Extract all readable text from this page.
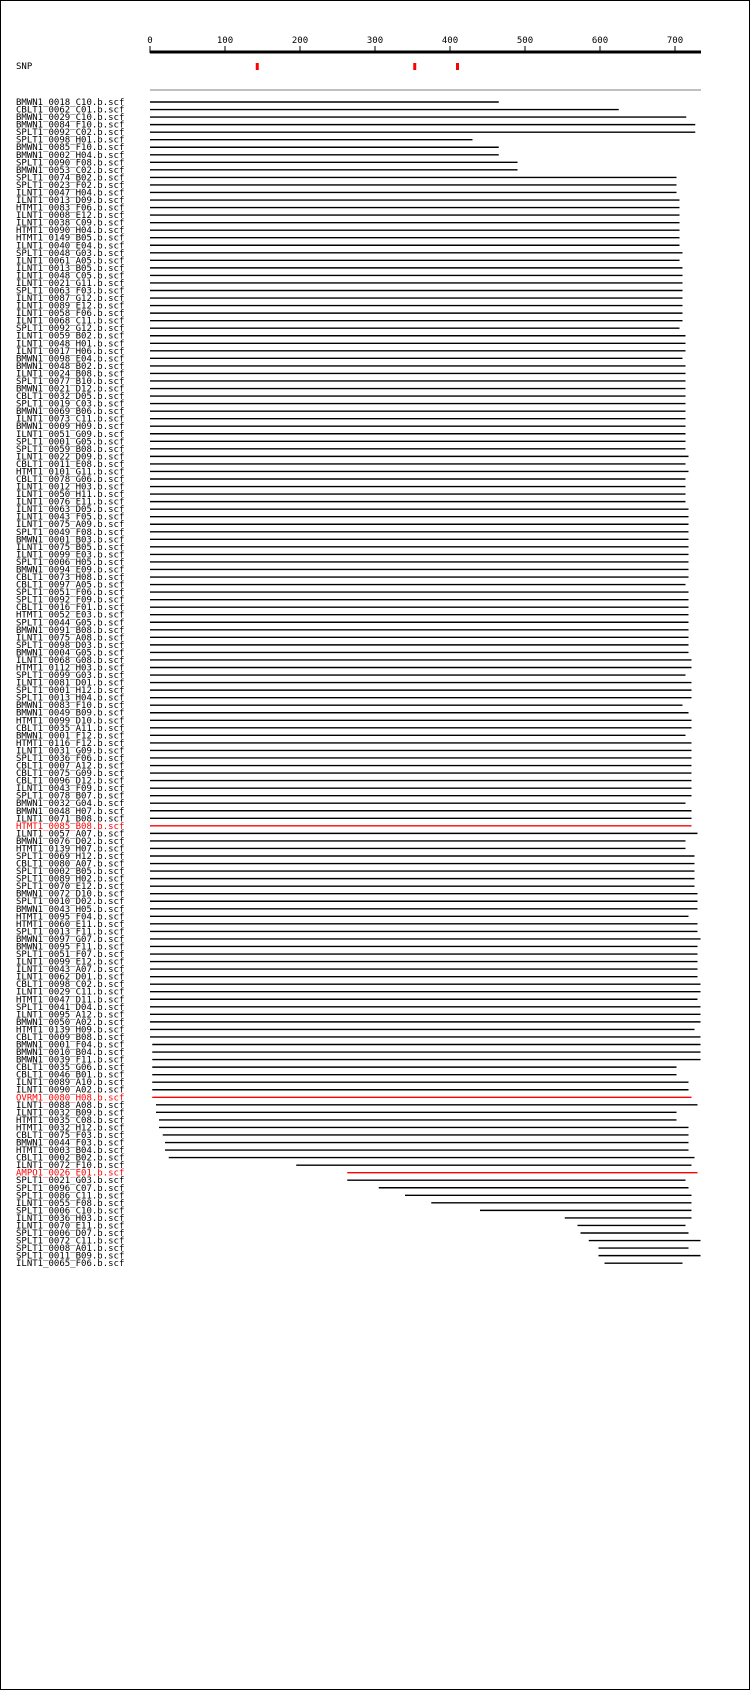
0	100	200	300	400	500	600	700
SNP
BMWN1_0018_C10.b.scf
CBLT1_0062_C01.b.scf
BMWN1_0029_C10.b.scf
BMWN1_0084_F10.b.scf
SPLT1_0092_C02.b.scf
SPLT1_0098_H01.b.scf
BMWN1_0085_F10.b.scf
BMWN1_0002_H04.b.scf
SPLT1_0090_F08.b.scf
BMWN1_0053_C02.b.scf
SPLT1_0074_B02.b.scf
SPLT1_0023_F02.b.scf
ILNT1_0047_H04.b.scf
ILNT1_0013_D09.b.scf
HTMT1_0083_F06.b.scf
ILNT1_0008_E12.b.scf
ILNT1_0038_C09.b.scf
HTMT1_0090_H04.b.scf
HTMT1_0149_B05.b.scf
ILNT1_0040_E04.b.scf
SPLT1_0048_G03.b.scf
ILNT1_0061_A05.b.scf
ILNT1_0013_B05.b.scf
ILNT1_0048_C05.b.scf
ILNT1_0021_G11.b.scf
SPLT1_0063_F03.b.scf
ILNT1_0087_G12.b.scf
ILNT1_0089_E12.b.scf
ILNT1_0058_F06.b.scf
ILNT1_0068_C11.b.scf
SPLT1_0092_G12.b.scf
ILNT1_0059_B02.b.scf
ILNT1_0048_H01.b.scf
ILNT1_0017_H06.b.scf
BMWN1_0098_E04.b.scf
BMWN1_0048_B02.b.scf
ILNT1_0024_B08.b.scf
SPLT1_0077_B10.b.scf
BMWN1_0021_D12.b.scf
CBLT1_0032_D05.b.scf
SPLT1_0019_C03.b.scf
BMWN1_0069_B06.b.scf
ILNT1_0073_C11.b.scf
BMWN1_0009_H09.b.scf
ILNT1_0051_G09.b.scf
SPLT1_0001_G05.b.scf
SPLT1_0059_B08.b.scf
ILNT1_0022_D09.b.scf
CBLT1_0011_E08.b.scf
HTMT1_0101_G11.b.scf
CBLT1_0078_G06.b.scf
ILNT1_0012_H03.b.scf
ILNT1_0050_H11.b.scf
ILNT1_0076_E11.b.scf
ILNT1_0063_D05.b.scf
ILNT1_0043_F05.b.scf
ILNT1_0075_A09.b.scf
SPLT1_0049_F08.b.scf
BMWN1_0001_B03.b.scf
ILNT1_0075_B05.b.scf
ILNT1_0099_E03.b.scf
SPLT1_0006_H05.b.scf
BMWN1_0094_E09.b.scf
CBLT1_0073_H08.b.scf
CBLT1_0097_A05.b.scf
SPLT1_0051_F06.b.scf
SPLT1_0092_F09.b.scf
CBLT1_0016_F01.b.scf
HTMT1_0052_E03.b.scf
SPLT1_0044_G05.b.scf
BMWN1_0091_B08.b.scf
ILNT1_0075_A08.b.scf
SPLT1_0098_D03.b.scf
BMWN1_0004_G05.b.scf
ILNT1_0068_G08.b.scf
HTMT1_0112_H03.b.scf
SPLT1_0099_G03.b.scf
ILNT1_0081_D01.b.scf
SPLT1_0001_H12.b.scf
SPLT1_0013_H04.b.scf
BMWN1_0083_F10.b.scf
BMWN1_0049_B09.b.scf
HTMT1_0099_D10.b.scf
CBLT1_0035_A11.b.scf
BMWN1_0001_F12.b.scf
HTMT1_0116_F12.b.scf
ILNT1_0031_G09.b.scf
SPLT1_0036_F06.b.scf
CBLT1_0007_A12.b.scf
CBLT1_0075_G09.b.scf
CBLT1_0096_D12.b.scf
ILNT1_0043_F09.b.scf
SPLT1_0078_B07.b.scf
BMWN1_0032_G04.b.scf
BMWN1_0048_H07.b.scf
ILNT1_0071_B08.b.scf
HTMT1_0085_B08.b.scf
ILNT1_0057_A07.b.scf
BMWN1_0076_D02.b.scf
HTMT1_0139_H07.b.scf
SPLT1_0069_H12.b.scf
CBLT1_0080_A07.b.scf
SPLT1_0002_B05.b.scf
SPLT1_0089_H02.b.scf
SPLT1_0070_E12.b.scf
BMWN1_0072_D10.b.scf
SPLT1_0010_D02.b.scf
BMWN1_0043_H05.b.scf
HTMT1_0095_F04.b.scf
HTMT1_0060_E11.b.scf
SPLT1_0013_F11.b.scf
BMWN1_0097_G07.b.scf
BMWN1_0095_F11.b.scf
SPLT1_0051_F07.b.scf
ILNT1_0099_E12.b.scf
ILNT1_0043_A07.b.scf
ILNT1_0062_D01.b.scf
CBLT1_0098_C02.b.scf
ILNT1_0029_C11.b.scf
HTMT1_0047_D11.b.scf
SPLT1_0041_D04.b.scf
ILNT1_0095_A12.b.scf
BMWN1_0050_A02.b.scf
HTMT1_0139_H09.b.scf
CBLT1_0009_B08.b.scf
BMWN1_0001_F04.b.scf
BMWN1_0010_B04.b.scf
BMWN1_0039_F11.b.scf
CBLT1_0035_G06.b.scf
CBLT1_0046_B01.b.scf
ILNT1_0089_A10.b.scf
ILNT1_0090_A02.b.scf
OVRM1_0080_H08.b.scf
ILNT1_0088_A08.b.scf
ILNT1_0032_B09.b.scf
HTMT1_0035_C08.b.scf
HTMT1_0032_H12.b.scf
CBLT1_0075_F03.b.scf
BMWN1_0044_F03.b.scf
HTMT1_0003_B04.b.scf
CBLT1_0002_B02.b.scf
ILNT1_0072_F10.b.scf
AMPO1_0026_E01.b.scf
SPLT1_0021_G03.b.scf
SPLT1_0096_C07.b.scf
SPLT1_0086_C11.b.scf
ILNT1_0055_F08.b.scf
SPLT1_0006_C10.b.scf
ILNT1_0036_H03.b.scf
ILNT1_0070_E11.b.scf
SPLT1_0006_D07.b.scf
SPLT1_0072_C11.b.scf
SPLT1_0008_A01.b.scf
SPLT1_0011_B09.b.scf
ILNT1_0065_F06.b.scf
